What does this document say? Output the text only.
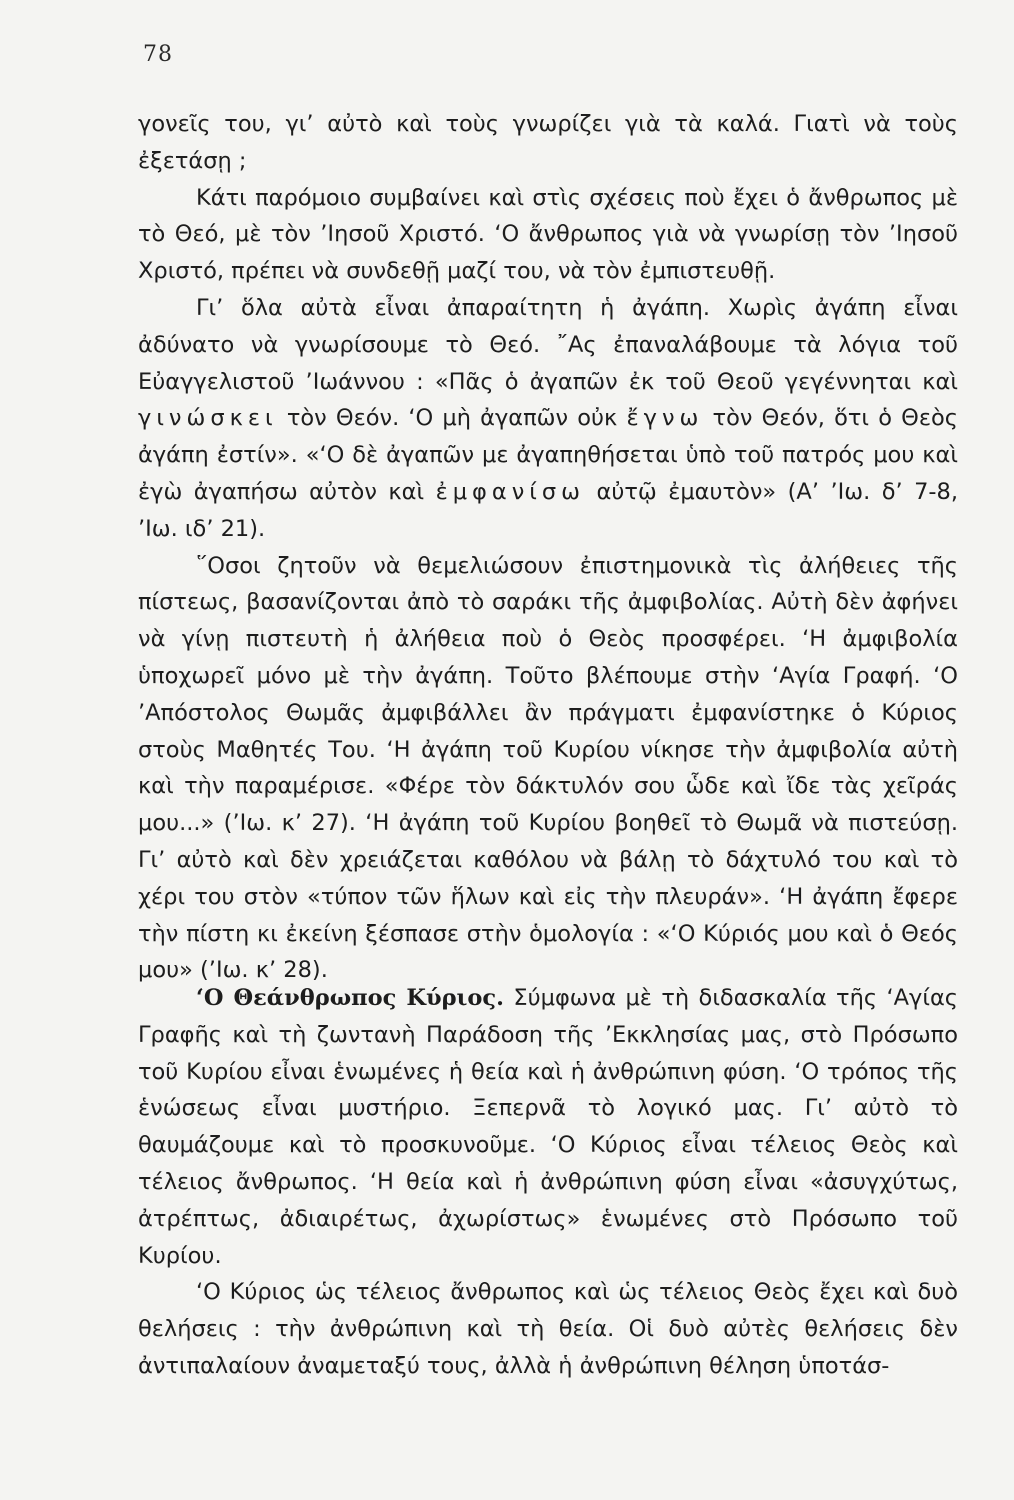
78

γονεῖς του, γι’ αὐτὸ καὶ τοὺς γνωρίζει γιὰ τὰ καλά. Γιατὶ νὰ τοὺς ἐξετάσῃ ;

Κάτι παρόμοιο συμβαίνει καὶ στὶς σχέσεις ποὺ ἔχει ὁ ἄνθρωπος μὲ τὸ Θεό, μὲ τὸν ’Ιησοῦ Χριστό. ‘Ο ἄνθρωπος γιὰ νὰ γνωρίσῃ τὸν ’Ιησοῦ Χριστό, πρέπει νὰ συνδεθῇ μαζί του, νὰ τὸν ἐμπιστευθῇ.

Γι’ ὅλα αὐτὰ εἶναι ἀπαραίτητη ἡ ἀγάπη. Χωρὶς ἀγάπη εἶναι ἀδύνατο νὰ γνωρίσουμε τὸ Θεό. ῎Ας ἐπαναλάβουμε τὰ λόγια τοῦ Εὐαγγελιστοῦ ’Ιωάννου : «Πᾶς ὁ ἀγαπῶν ἐκ τοῦ Θεοῦ γεγέννηται καὶ γινώσκει τὸν Θεόν. ‘Ο μὴ ἀγαπῶν οὐκ ἔγνω τὸν Θεόν, ὅτι ὁ Θεὸς ἀγάπη ἐστίν». «‘Ο δὲ ἀγαπῶν με ἀγαπηθήσεται ὑπὸ τοῦ πατρός μου καὶ ἐγὼ ἀγαπήσω αὐτὸν καὶ ἐμφανίσω αὐτῷ ἐμαυτὸν» (Α’ ’Ιω. δ’ 7-8, ’Ιω. ιδ’ 21).

῞Οσοι ζητοῦν νὰ θεμελιώσουν ἐπιστημονικὰ τὶς ἀλήθειες τῆς πίστεως, βασανίζονται ἀπὸ τὸ σαράκι τῆς ἀμφιβολίας. Αὐτὴ δὲν ἀφήνει νὰ γίνῃ πιστευτὴ ἡ ἀλήθεια ποὺ ὁ Θεὸς προσφέρει. ‘Η ἀμφιβολία ὑποχωρεῖ μόνο μὲ τὴν ἀγάπη. Τοῦτο βλέπουμε στὴν ‘Αγία Γραφή. ‘Ο ’Απόστολος Θωμᾶς ἀμφιβάλλει ἂν πράγματι ἐμφανίστηκε ὁ Κύριος στοὺς Μαθητές Του. ‘Η ἀγάπη τοῦ Κυρίου νίκησε τὴν ἀμφιβολία αὐτὴ καὶ τὴν παραμέρισε. «Φέρε τὸν δάκτυλόν σου ὧδε καὶ ἴδε τὰς χεῖράς μου...» (’Ιω. κ’ 27). ‘Η ἀγάπη τοῦ Κυρίου βοηθεῖ τὸ Θωμᾶ νὰ πιστεύσῃ. Γι’ αὐτὸ καὶ δὲν χρειάζεται καθόλου νὰ βάλῃ τὸ δάχτυλό του καὶ τὸ χέρι του στὸν «τύπον τῶν ἥλων καὶ εἰς τὴν πλευράν». ‘Η ἀγάπη ἔφερε τὴν πίστη κι ἐκείνη ξέσπασε στὴν ὁμολογία : «‘Ο Κύριός μου καὶ ὁ Θεός μου» (’Ιω. κ’ 28).

‘Ο Θεάνθρωπος Κύριος. Σύμφωνα μὲ τὴ διδασκαλία τῆς ‘Αγίας Γραφῆς καὶ τὴ ζωντανὴ Παράδοση τῆς ’Εκκλησίας μας, στὸ Πρόσωπο τοῦ Κυρίου εἶναι ἑνωμένες ἡ θεία καὶ ἡ ἀνθρώπινη φύση. ‘Ο τρόπος τῆς ἑνώσεως εἶναι μυστήριο. Ξεπερνᾶ τὸ λογικό μας. Γι’ αὐτὸ τὸ θαυμάζουμε καὶ τὸ προσκυνοῦμε. ‘Ο Κύριος εἶναι τέλειος Θεὸς καὶ τέλειος ἄνθρωπος. ‘Η θεία καὶ ἡ ἀνθρώπινη φύση εἶναι «ἀσυγχύτως, ἀτρέπτως, ἀδιαιρέτως, ἀχωρίστως» ἑνωμένες στὸ Πρόσωπο τοῦ Κυρίου.

‘Ο Κύριος ὡς τέλειος ἄνθρωπος καὶ ὡς τέλειος Θεὸς ἔχει καὶ δυὸ θελήσεις : τὴν ἀνθρώπινη καὶ τὴ θεία. Οἱ δυὸ αὐτὲς θελήσεις δὲν ἀντιπαλαίουν ἀναμεταξύ τους, ἀλλὰ ἡ ἀνθρώπινη θέληση ὑποτάσ-
